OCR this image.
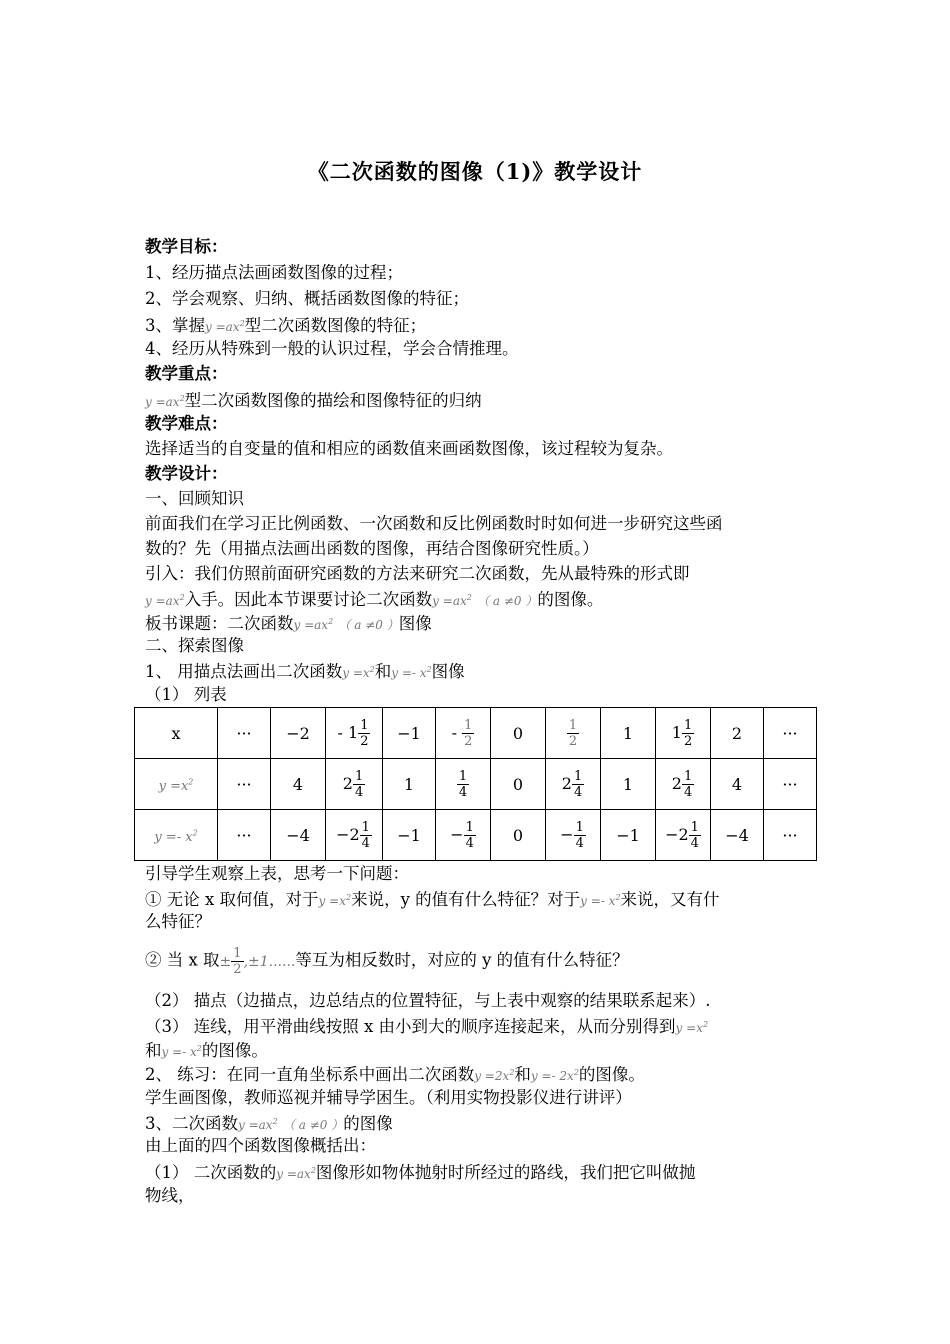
《二次函数的图像（1)》教学设计
教学目标：
1、经历描点法画函数图像的过程；
2、学会观察、归纳、概括函数图像的特征；
3、掌握$y =ax^2$型二次函数图像的特征；
4、经历从特殊到一般的认识过程，学会合情推理。
教学重点：
$y =ax^2$型二次函数图像的描绘和图像特征的归纳
教学难点：
选择适当的自变量的值和相应的函数值来画函数图像，该过程较为复杂。
教学设计：
一、回顾知识
前面我们在学习正比例函数、一次函数和反比例函数时时如何进一步研究这些函
数的？先（用描点法画出函数的图像，再结合图像研究性质。）
引入：我们仿照前面研究函数的方法来研究二次函数，先从最特殊的形式即
$y =ax^2$入手。因此本节课要讨论二次函数$y =ax^2$ （ a ≠0 ）的图像。
板书课题：二次函数$y =ax^2$ （ a ≠0 ）图像
二、探索图像
1、 用描点法画出二次函数$y =x^2$和$y =- x^2$图像
（1） 列表
x	···	−2	- $1 \frac{1}{2}$	−1	- $\frac{1}{2}$	0	$\frac{1}{2}$	1	$1 \frac{1}{2}$	2	···
$y =x^2$	···	4	$2 \frac{1}{4}$	1	$\frac{1}{4}$	0	$2 \frac{1}{4}$	1	$2 \frac{1}{4}$	4	···
$y =- x^2$	···	−4	$-2 \frac{1}{4}$	−1	− $\frac{1}{4}$	0	− $\frac{1}{4}$	−1	$-2 \frac{1}{4}$	−4	···
引导学生观察上表，思考一下问题：
① 无论 x 取何值，对于$y =x^2$来说，y 的值有什么特征？对于$y =- x^2$来说，又有什
么特征？
② 当 x 取± $\frac{1}{2} ,\pm 1$......等互为相反数时，对应的 y 的值有什么特征？
（2） 描点（边描点，边总结点的位置特征，与上表中观察的结果联系起来）.
（3） 连线，用平滑曲线按照 x 由小到大的顺序连接起来，从而分别得到$y =x^2$
和$y =- x^2$的图像。
2、 练习：在同一直角坐标系中画出二次函数$y =2x^2$和$y =- 2x^2$的图像。
学生画图像，教师巡视并辅导学困生。（利用实物投影仪进行讲评）
3、二次函数$y =ax^2$ （ a ≠0 ）的图像
由上面的四个函数图像概括出：
（1） 二次函数的$y =ax^2$图像形如物体抛射时所经过的路线，我们把它叫做抛
物线，
